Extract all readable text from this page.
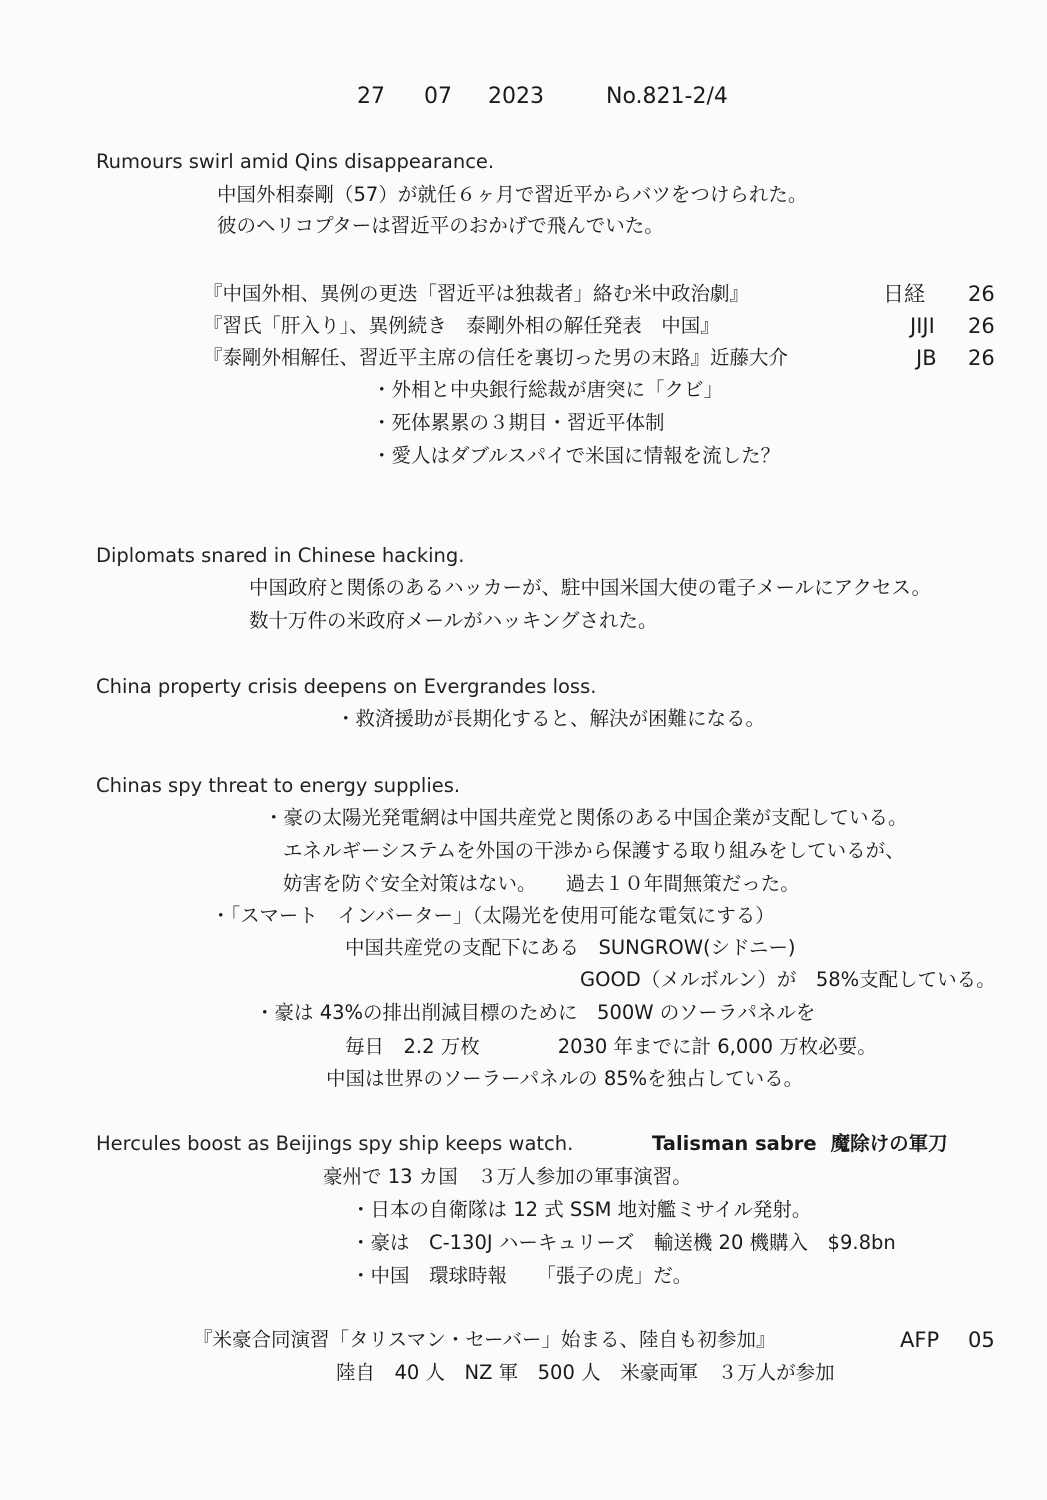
27 07 2023	No.821-2/4
Rumours swirl amid Qins disappearance.
中国外相泰剛（57）が就任６ヶ月で習近平からバツをつけられた。
彼のヘリコプターは習近平のおかげで飛んでいた。
『中国外相、異例の更迭「習近平は独裁者」絡む米中政治劇』	日経 26
『習氏「肝入り」、異例続き　泰剛外相の解任発表　中国』	JIJI 26
『泰剛外相解任、習近平主席の信任を裏切った男の末路』近藤大介	JB 26
・外相と中央銀行総裁が唐突に「クビ」
・死体累累の３期目・習近平体制
・愛人はダブルスパイで米国に情報を流した？
Diplomats snared in Chinese hacking.
中国政府と関係のあるハッカーが、駐中国米国大使の電子メールにアクセス。
数十万件の米政府メールがハッキングされた。
China property crisis deepens on Evergrandes loss.
・救済援助が長期化すると、解決が困難になる。
Chinas spy threat to energy supplies.
・豪の太陽光発電網は中国共産党と関係のある中国企業が支配している。
エネルギーシステムを外国の干渉から保護する取り組みをしているが、
妨害を防ぐ安全対策はない。　　過去１０年間無策だった。
・「スマート　インバーター」（太陽光を使用可能な電気にする）
中国共産党の支配下にある　SUNGROW(シドニー)
GOOD（メルボルン）が　58%支配している。
・豪は 43%の排出削減目標のために　500W のソーラパネルを
毎日　2.2 万枚　　　　2030 年までに計 6,000 万枚必要。
中国は世界のソーラーパネルの 85%を独占している。
Hercules boost as Beijings spy ship keeps watch.	Talisman sabre 魔除けの軍刀
豪州で 13 カ国　３万人参加の軍事演習。
・日本の自衛隊は 12 式 SSM 地対艦ミサイル発射。
・豪は　C-130J ハーキュリーズ　輸送機 20 機購入　$9.8bn
・中国　環球時報　　「張子の虎」だ。
『米豪合同演習「タリスマン・セーバー」始まる、陸自も初参加』	AFP 05
陸自　40 人　NZ 軍　500 人　米豪両軍　３万人が参加
